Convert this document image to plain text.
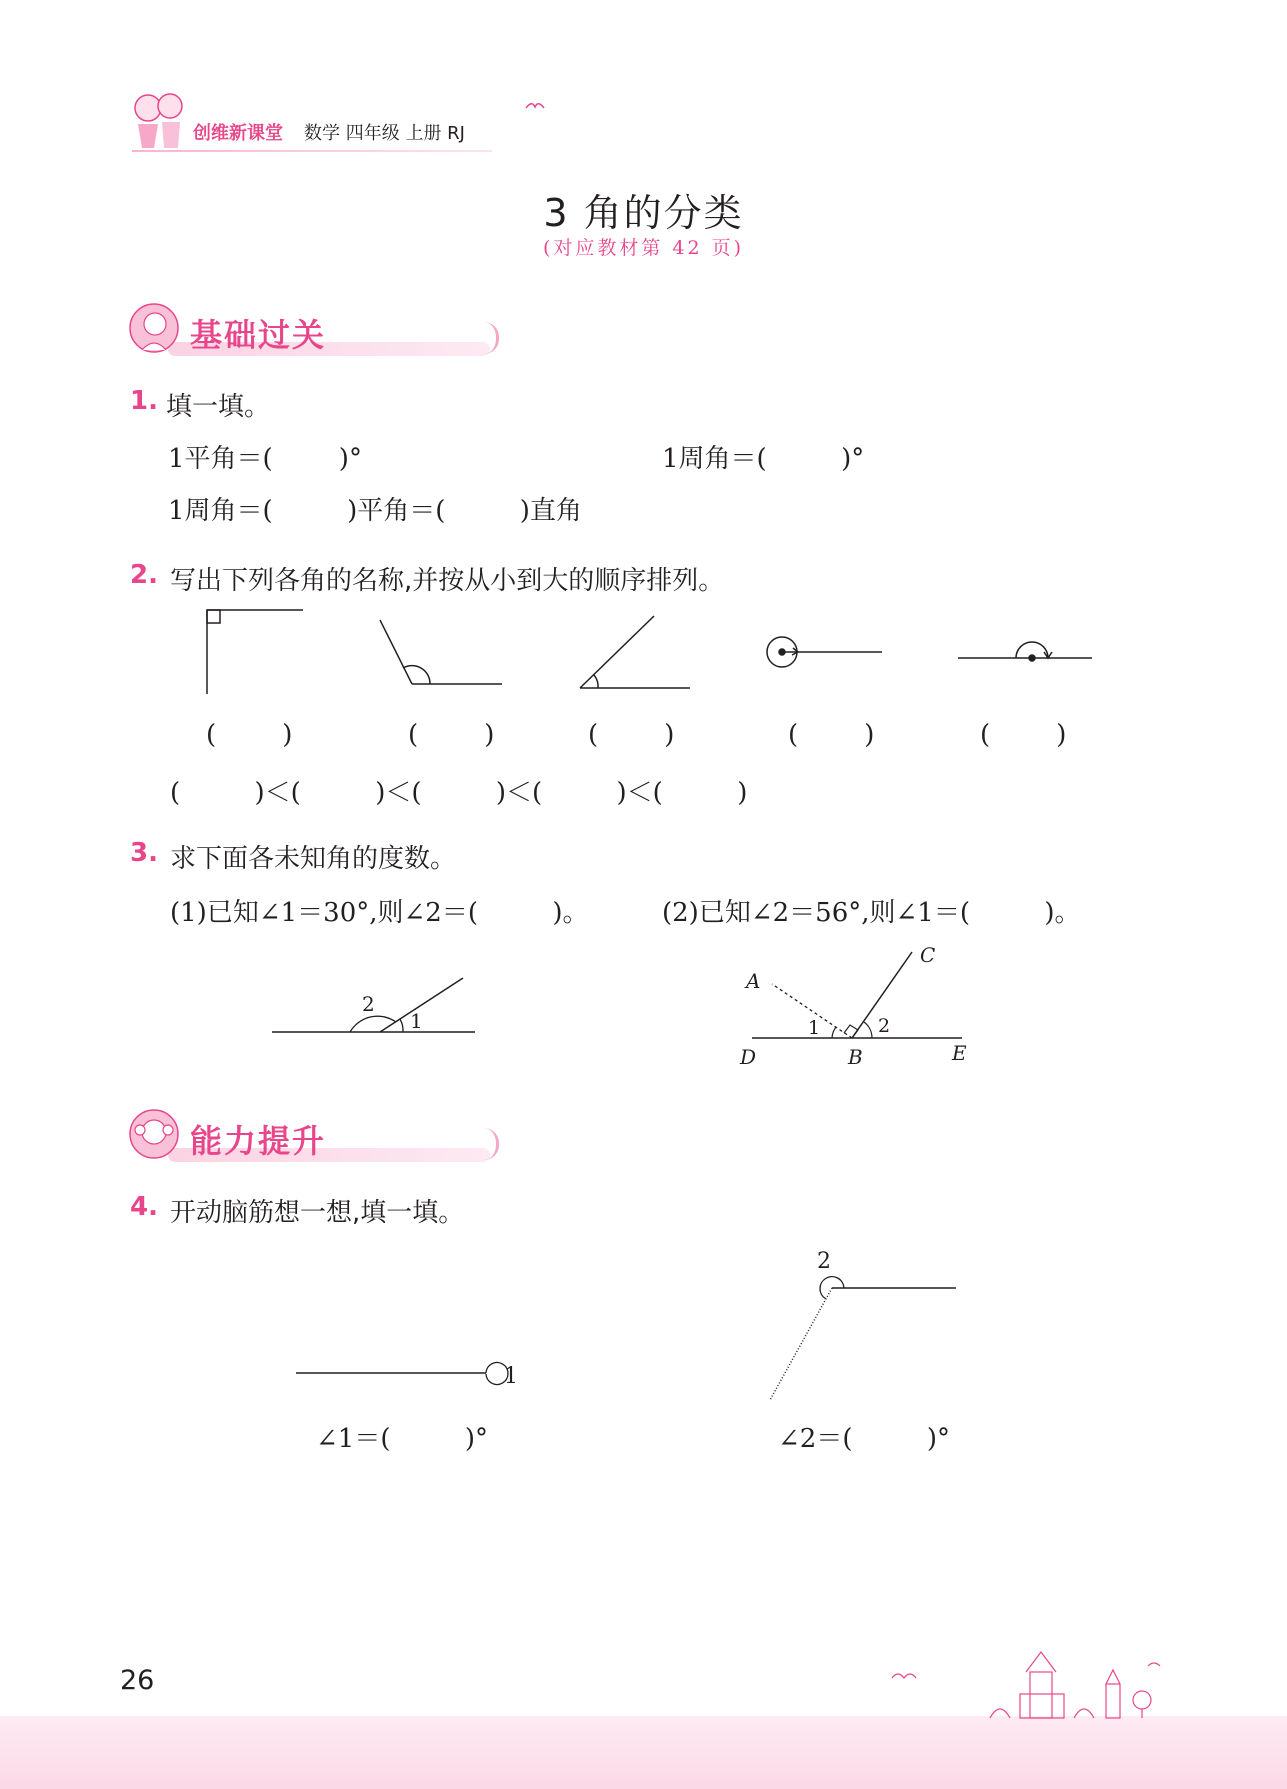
创维新课堂 数学 四年级 上册 RJ
3 角的分类
(对应教材第 42 页)
基础过关
1. 填一填。
1平角＝(        )°	1周角＝(         )°
1周角＝(         )平角＝(         )直角
2. 写出下列各角的名称,并按从小到大的顺序排列。
(        )	(        )	(        )	(        )	(        )
(         )＜(         )＜(         )＜(         )＜(         )
3. 求下面各未知角的度数。
(1)已知∠1＝30°,则∠2＝(         )。	(2)已知∠2＝56°,则∠1＝(         )。
2
1
A
C
D	B	E
1	2
能力提升
4. 开动脑筋想一想,填一填。
1
2
∠1＝(         )°	∠2＝(         )°
26
